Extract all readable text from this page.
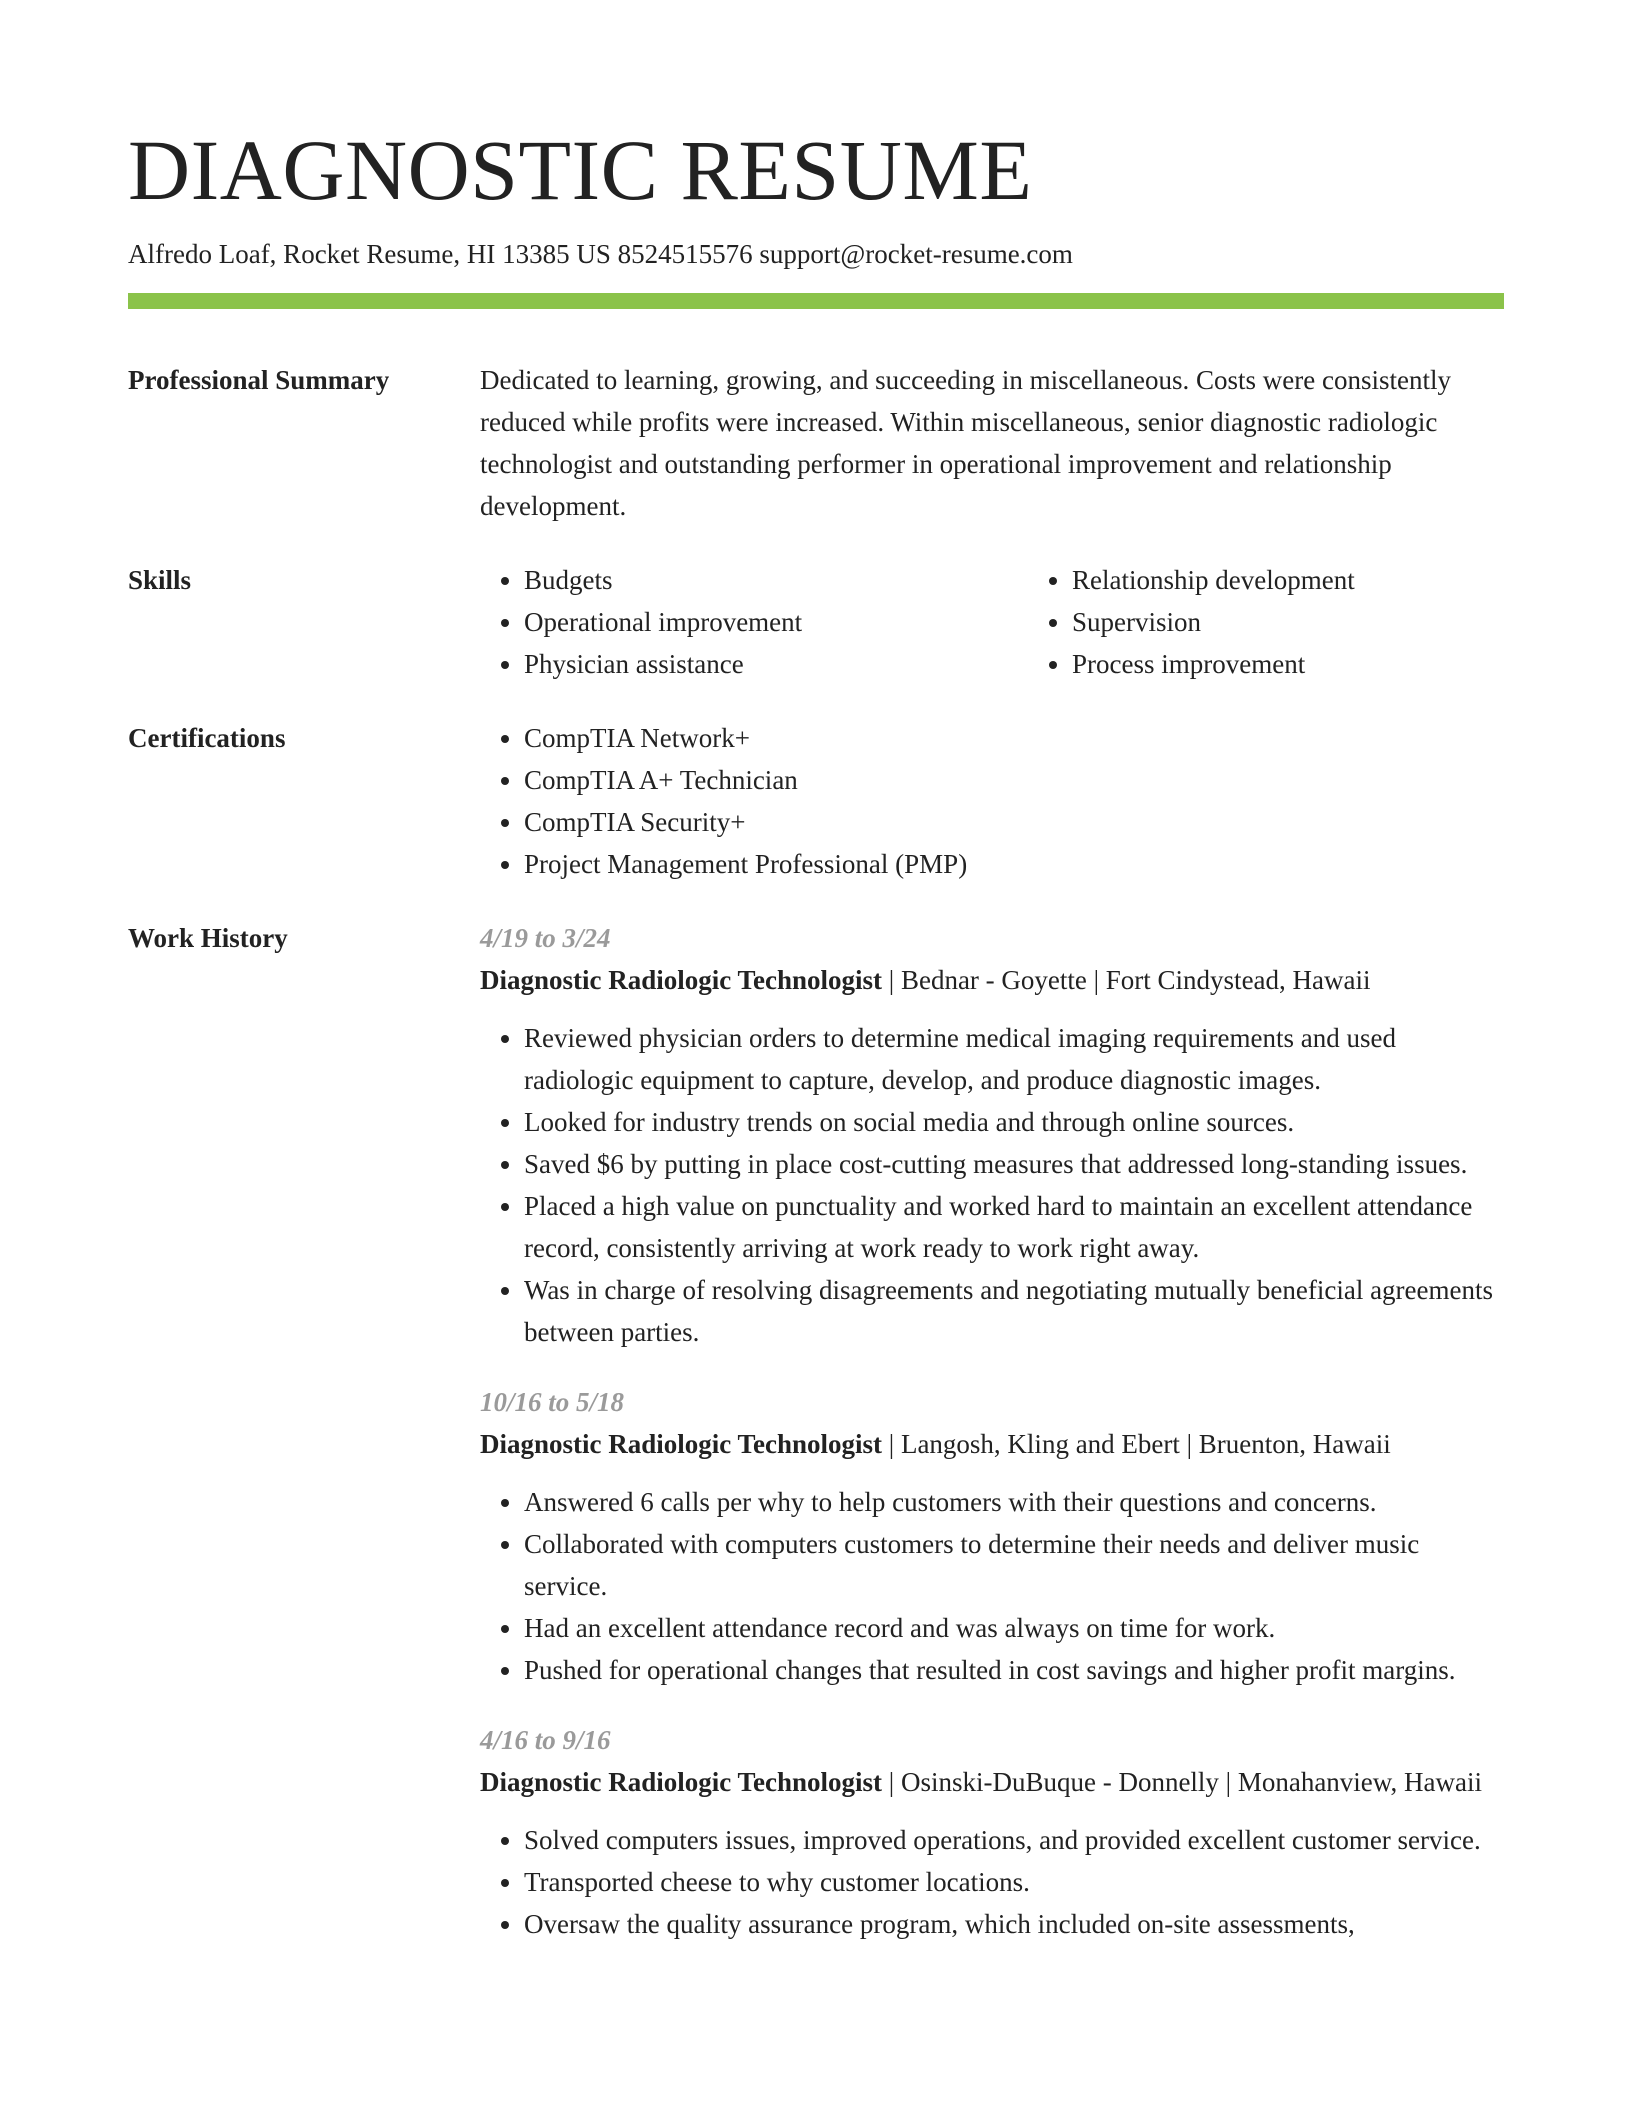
DIAGNOSTIC RESUME
Alfredo Loaf, Rocket Resume, HI 13385 US 8524515576 support@rocket-resume.com
Professional Summary	Dedicated to learning, growing, and succeeding in miscellaneous. Costs were consistently reduced while profits were increased. Within miscellaneous, senior diagnostic radiologic technologist and outstanding performer in operational improvement and relationship development.
Skills	• Budgets
• Operational improvement
• Physician assistance
• Relationship development
• Supervision
• Process improvement
Certifications	• CompTIA Network+
• CompTIA A+ Technician
• CompTIA Security+
• Project Management Professional (PMP)
Work History	4/19 to 3/24
Diagnostic Radiologic Technologist | Bednar - Goyette | Fort Cindystead, Hawaii
• Reviewed physician orders to determine medical imaging requirements and used radiologic equipment to capture, develop, and produce diagnostic images.
• Looked for industry trends on social media and through online sources.
• Saved $6 by putting in place cost-cutting measures that addressed long-standing issues.
• Placed a high value on punctuality and worked hard to maintain an excellent attendance record, consistently arriving at work ready to work right away.
• Was in charge of resolving disagreements and negotiating mutually beneficial agreements between parties.
10/16 to 5/18
Diagnostic Radiologic Technologist | Langosh, Kling and Ebert | Bruenton, Hawaii
• Answered 6 calls per why to help customers with their questions and concerns.
• Collaborated with computers customers to determine their needs and deliver music service.
• Had an excellent attendance record and was always on time for work.
• Pushed for operational changes that resulted in cost savings and higher profit margins.
4/16 to 9/16
Diagnostic Radiologic Technologist | Osinski-DuBuque - Donnelly | Monahanview, Hawaii
• Solved computers issues, improved operations, and provided excellent customer service.
• Transported cheese to why customer locations.
• Oversaw the quality assurance program, which included on-site assessments,
